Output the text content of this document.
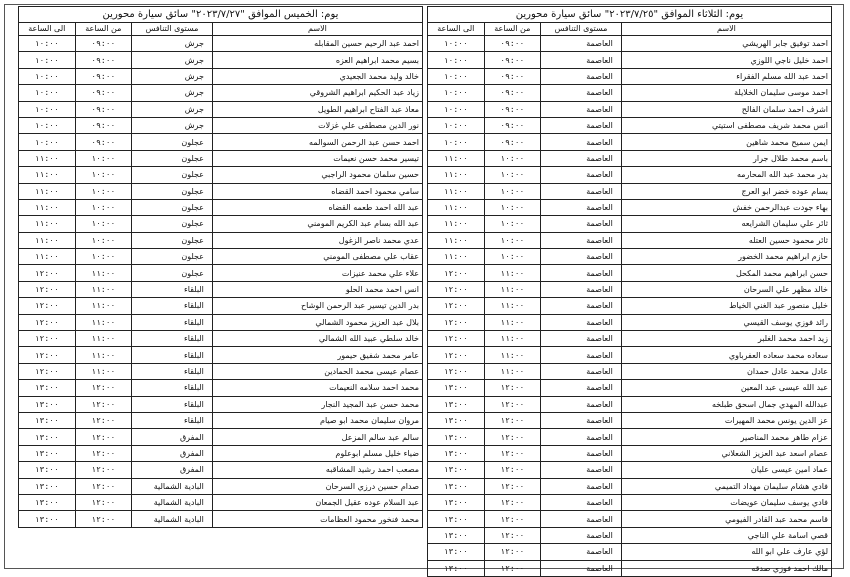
يوم: الثلاثاء الموافق "٢٠٢٣/٧/٢٥" سائق سيارة محورين
الاسم	مستوى التنافس	من الساعة	الى الساعة
احمد توفيق جابر الهريشي	العاصمة	٠٩:٠٠	١٠:٠٠
احمد خليل ناجي اللوزي	العاصمة	٠٩:٠٠	١٠:٠٠
احمد عبد الله مسلم الفقراء	العاصمة	٠٩:٠٠	١٠:٠٠
احمد موسى سليمان الخلايلة	العاصمة	٠٩:٠٠	١٠:٠٠
اشرف احمد سلمان الفالح	العاصمة	٠٩:٠٠	١٠:٠٠
انس محمد شريف مصطفى استيتي	العاصمة	٠٩:٠٠	١٠:٠٠
ايمن سميح محمد شاهين	العاصمة	٠٩:٠٠	١٠:٠٠
باسم محمد طلال جرار	العاصمة	١٠:٠٠	١١:٠٠
بدر محمد عبد الله المحارمه	العاصمة	١٠:٠٠	١١:٠٠
بسام عوده خضر ابو العرج	العاصمة	١٠:٠٠	١١:٠٠
بهاء جودت عبدالرحمن خفش	العاصمة	١٠:٠٠	١١:٠٠
ثائر علي سليمان الشرايعه	العاصمة	١٠:٠٠	١١:٠٠
ثائر محمود حسين العتله	العاصمة	١٠:٠٠	١١:٠٠
حازم ابراهيم محمد الخضور	العاصمة	١٠:٠٠	١١:٠٠
حسن ابراهيم محمد المكحل	العاصمة	١١:٠٠	١٢:٠٠
خالد مظهر علي السرحان	العاصمة	١١:٠٠	١٢:٠٠
خليل منصور عبد الغني الخياط	العاصمة	١١:٠٠	١٢:٠٠
رائد فوزي يوسف القيسي	العاصمة	١١:٠٠	١٢:٠٠
زيد احمد محمد الغلبر	العاصمة	١١:٠٠	١٢:٠٠
سعاده محمد سعاده العفرباوي	العاصمة	١١:٠٠	١٢:٠٠
عادل محمد عادل حمدان	العاصمة	١١:٠٠	١٢:٠٠
عبد الله عيسى عبد المعين	العاصمة	١٢:٠٠	١٣:٠٠
عبدالله المهدي جمال اسحق طبلخه	العاصمة	١٢:٠٠	١٣:٠٠
عز الدين يونس محمد المهيرات	العاصمة	١٢:٠٠	١٣:٠٠
عزام طاهر محمد المناصير	العاصمة	١٢:٠٠	١٣:٠٠
عصام اسعد عبد العزيز الشعلاني	العاصمة	١٢:٠٠	١٣:٠٠
عماد امين عيسى عليان	العاصمة	١٢:٠٠	١٣:٠٠
فادي هشام سليمان مهداد التميمي	العاصمة	١٢:٠٠	١٣:٠٠
فادي يوسف سليمان عويضات	العاصمة	١٢:٠٠	١٣:٠٠
قاسم محمد عبد القادر الفيومي	العاصمة	١٢:٠٠	١٣:٠٠
قصي اسامة علي الناجي	العاصمة	١٢:٠٠	١٣:٠٠
لؤي عارف علي ابو الله	العاصمة	١٢:٠٠	١٣:٠٠
مالك احمد فوزي صدقه	العاصمة	١٢:٠٠	١٣:٠٠
يوم: الخميس الموافق "٢٠٢٣/٧/٢٧" سائق سيارة محورين
الاسم	مستوى التنافس	من الساعة	الى الساعة
احمد عبد الرحيم حسين المقابله	جرش	٠٩:٠٠	١٠:٠٠
بسيم محمد ابراهيم العزه	جرش	٠٩:٠٠	١٠:٠٠
خالد وليد محمد الجعيدي	جرش	٠٩:٠٠	١٠:٠٠
زياد عبد الحكيم ابراهيم الشروقي	جرش	٠٩:٠٠	١٠:٠٠
معاذ عبد الفتاح ابراهيم الطويل	جرش	٠٩:٠٠	١٠:٠٠
نور الدين مصطفى علي غزلات	جرش	٠٩:٠٠	١٠:٠٠
احمد حسن عبد الرحمن السوالمه	عجلون	٠٩:٠٠	١٠:٠٠
تيسير محمد حسن نعيمات	عجلون	١٠:٠٠	١١:٠٠
حسين سلمان محمود الراجبي	عجلون	١٠:٠٠	١١:٠٠
سامي محمود احمد القضاه	عجلون	١٠:٠٠	١١:٠٠
عبد الله احمد طعمه القضاه	عجلون	١٠:٠٠	١١:٠٠
عبد الله بسام عبد الكريم المومني	عجلون	١٠:٠٠	١١:٠٠
عدي محمد ناصر الزغول	عجلون	١٠:٠٠	١١:٠٠
عقاب علي مصطفى المومني	عجلون	١٠:٠٠	١١:٠٠
علاء علي محمد عنيزات	عجلون	١١:٠٠	١٢:٠٠
انس احمد محمد الحلو	البلقاء	١١:٠٠	١٢:٠٠
بدر الدين تيسير عبد الرحمن الوشاح	البلقاء	١١:٠٠	١٢:٠٠
بلال عبد العزيز محمود الشمالي	البلقاء	١١:٠٠	١٢:٠٠
خالد سلطي عبيد الله الشمالي	البلقاء	١١:٠٠	١٢:٠٠
عامر محمد شفيق حيمور	البلقاء	١١:٠٠	١٢:٠٠
عصام عيسى محمد الحمادين	البلقاء	١١:٠٠	١٢:٠٠
محمد احمد سلامه النعيمات	البلقاء	١٢:٠٠	١٣:٠٠
محمد حسن عبد المجيد النجار	البلقاء	١٢:٠٠	١٣:٠٠
مروان سليمان محمد ابو صيام	البلقاء	١٢:٠٠	١٣:٠٠
سالم عبد سالم المزعل	المفرق	١٢:٠٠	١٣:٠٠
ضياء خليل مسلم ابوعلوم	المفرق	١٢:٠٠	١٣:٠٠
مصعب احمد رشيد المشاقبه	المفرق	١٢:٠٠	١٣:٠٠
صدام حسين درزي السرحان	البادية الشمالية	١٢:٠٠	١٣:٠٠
عبد السلام عوده عقيل الجمعان	البادية الشمالية	١٢:٠٠	١٣:٠٠
محمد فنخور محمود العظامات	البادية الشمالية	١٢:٠٠	١٣:٠٠
